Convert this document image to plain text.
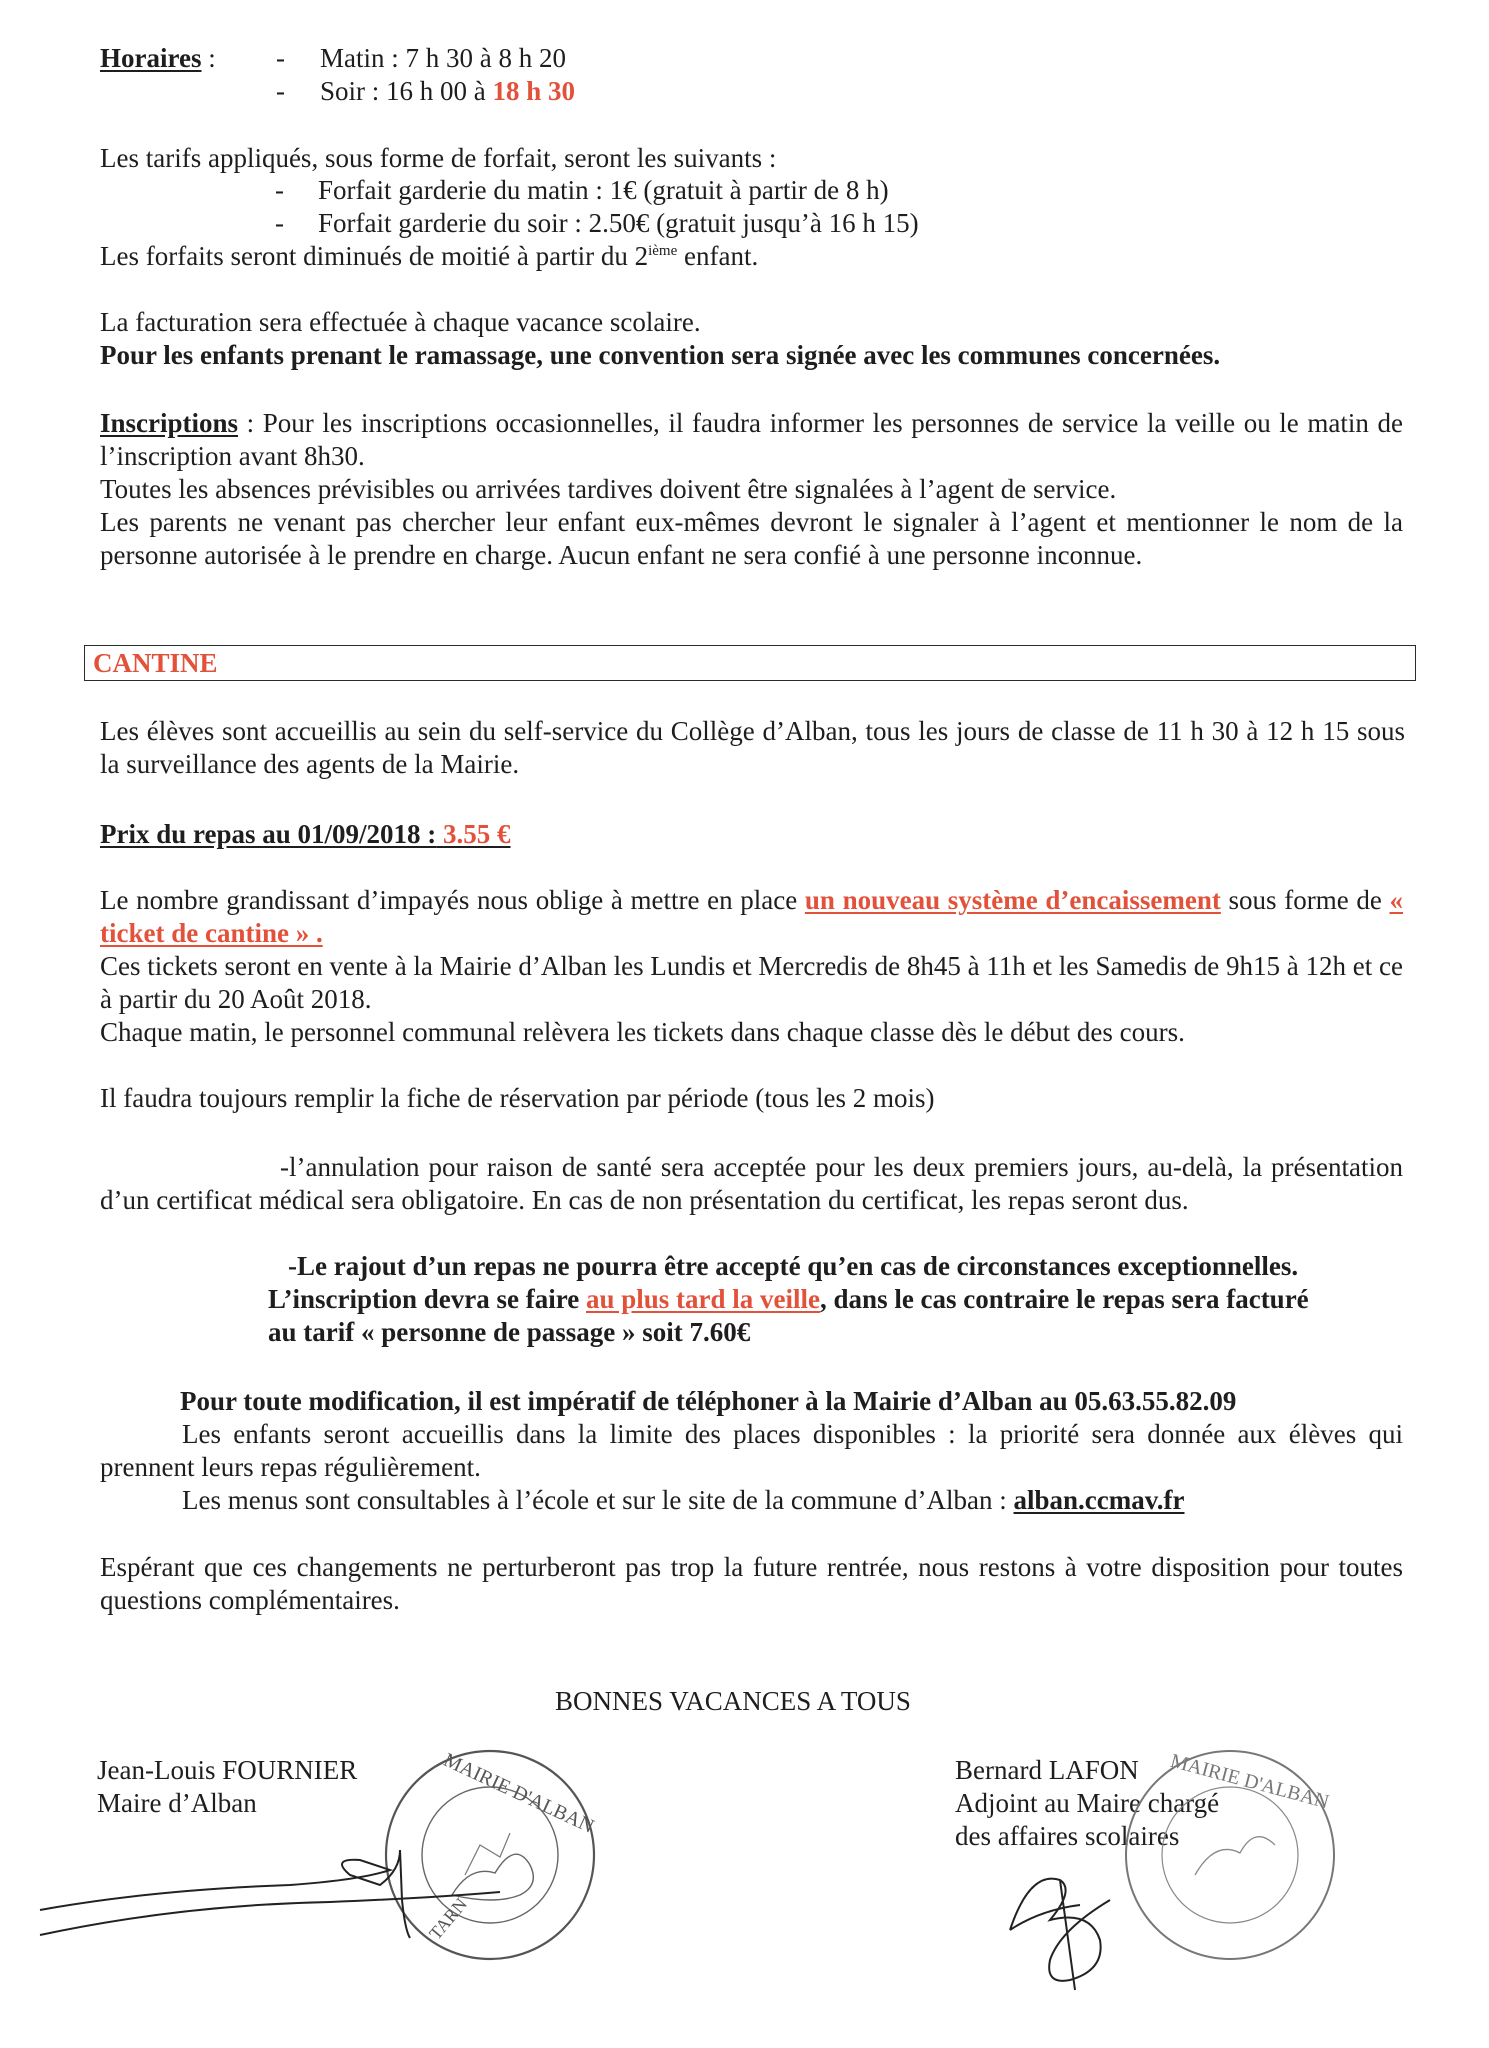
Horaires : - Matin : 7 h 30 à 8 h 20
- Soir : 16 h 00 à 18 h 30
Les tarifs appliqués, sous forme de forfait, seront les suivants :
- Forfait garderie du matin : 1€ (gratuit à partir de 8 h)
- Forfait garderie du soir : 2.50€ (gratuit jusqu’à 16 h 15)
Les forfaits seront diminués de moitié à partir du 2ième enfant.
La facturation sera effectuée à chaque vacance scolaire.
Pour les enfants prenant le ramassage, une convention sera signée avec les communes concernées.
Inscriptions : Pour les inscriptions occasionnelles, il faudra informer les personnes de service la veille ou le matin de l’inscription avant 8h30.
Toutes les absences prévisibles ou arrivées tardives doivent être signalées à l’agent de service.
Les parents ne venant pas chercher leur enfant eux-mêmes devront le signaler à l’agent et mentionner le nom de la personne autorisée à le prendre en charge. Aucun enfant ne sera confié à une personne inconnue.
CANTINE
Les élèves sont accueillis au sein du self-service du Collège d’Alban, tous les jours de classe de 11 h 30 à 12 h 15 sous la surveillance des agents de la Mairie.
Prix du repas au 01/09/2018 : 3.55 €
Le nombre grandissant d’impayés nous oblige à mettre en place un nouveau système d’encaissement sous forme de « ticket de cantine » .
Ces tickets seront en vente à la Mairie d’Alban les Lundis et Mercredis de 8h45 à 11h et les Samedis de 9h15 à 12h et ce à partir du 20 Août 2018.
Chaque matin, le personnel communal relèvera les tickets dans chaque classe dès le début des cours.
Il faudra toujours remplir la fiche de réservation par période (tous les 2 mois)
-l’annulation pour raison de santé sera acceptée pour les deux premiers jours, au-delà, la présentation d’un certificat médical sera obligatoire. En cas de non présentation du certificat, les repas seront dus.
-Le rajout d’un repas ne pourra être accepté qu’en cas de circonstances exceptionnelles.
L’inscription devra se faire au plus tard la veille, dans le cas contraire le repas sera facturé
au tarif « personne de passage » soit 7.60€
Pour toute modification, il est impératif de téléphoner à la Mairie d’Alban au 05.63.55.82.09
Les enfants seront accueillis dans la limite des places disponibles : la priorité sera donnée aux élèves qui prennent leurs repas régulièrement.
Les menus sont consultables à l’école et sur le site de la commune d’Alban : alban.ccmav.fr
Espérant que ces changements ne perturberont pas trop la future rentrée, nous restons à votre disposition pour toutes questions complémentaires.
BONNES VACANCES A TOUS
Jean-Louis FOURNIER
Maire d’Alban
Bernard LAFON
Adjoint au Maire chargé
des affaires scolaires
MAIRIE D'ALBAN
TARN
MAIRIE D'ALBAN
